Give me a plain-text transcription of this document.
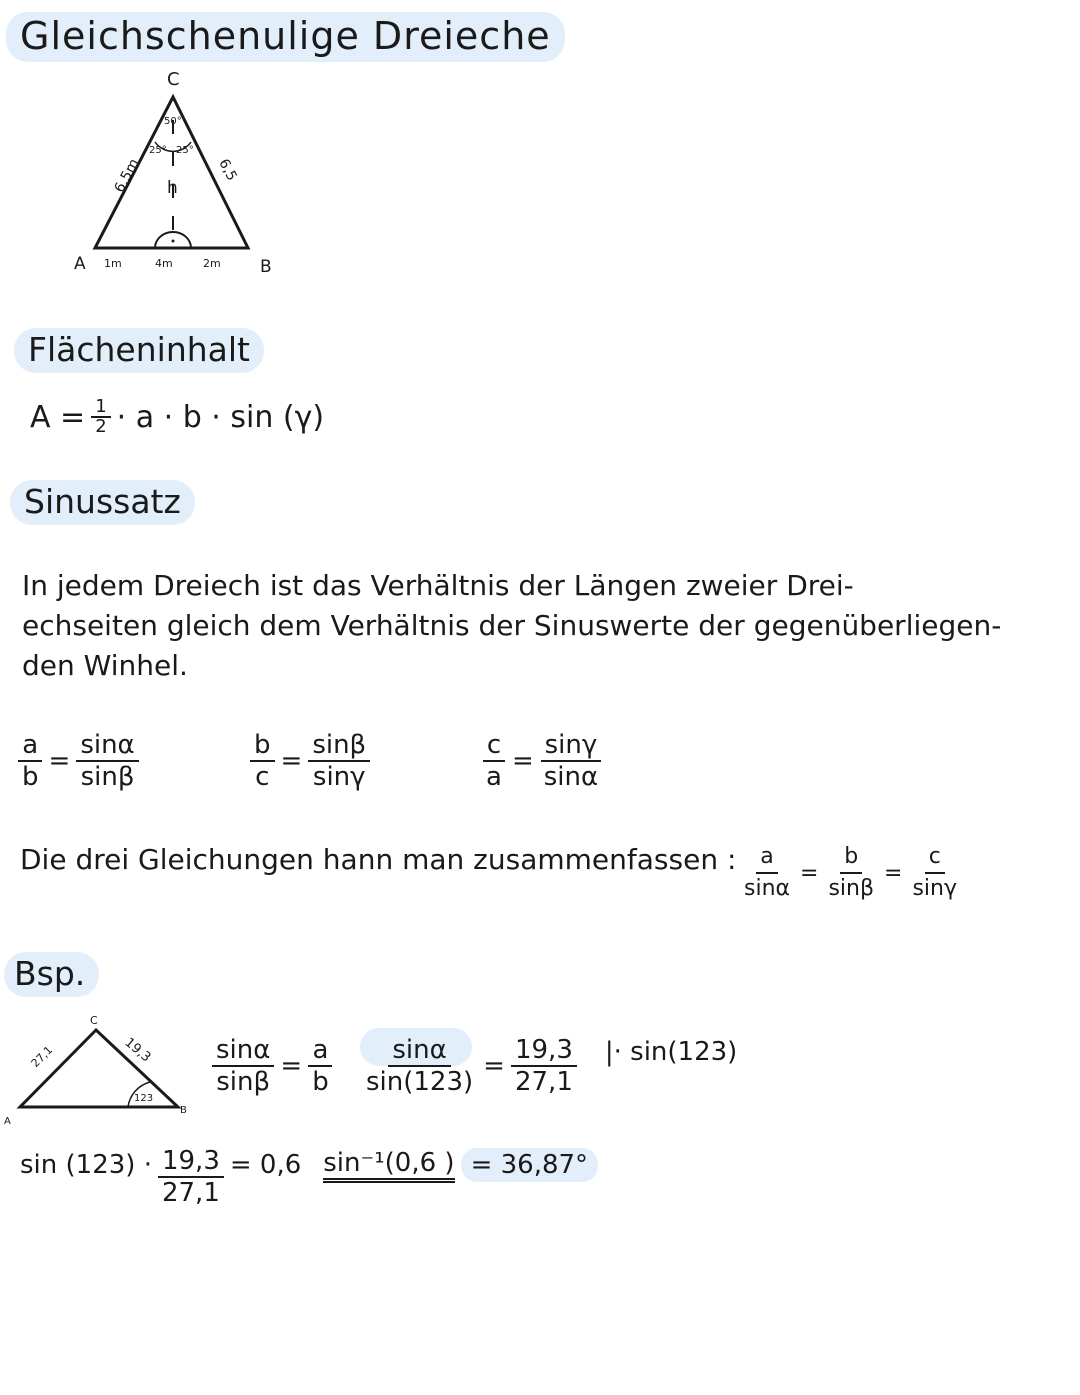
Gleichschenulige Dreieche
C
50°
25° 25°
h
6,5m	6,5
A	B
1m	4m	2m
Flächeninhalt
$A = \frac{1}{2} \cdot a \cdot b \cdot \sin (\gamma)$
Sinussatz
In jedem Dreiech ist das Verhältnis der Längen zweier Drei-
echseiten gleich dem Verhältnis der Sinuswerte der gegenüberliegen-
den Winhel.
$\frac{a}{b} = \frac{\sin\alpha}{\sin\beta}$	$\frac{b}{c} = \frac{\sin\beta}{\sin\gamma}$	$\frac{c}{a} = \frac{\sin\gamma}{\sin\alpha}$
Die drei Gleichungen hann man zusammenfassen : $\frac{a}{\sin\alpha} = \frac{b}{\sin\beta} = \frac{c}{\sin\gamma}$
Bsp.
C
123
27,1	19,3
A
B
$\frac{\sin\alpha}{\sin\beta} = \frac{a}{b} \frac{\sin\alpha}{\sin(123)} = \frac{19,3}{27,1}$ |· sin(123)
$\sin (123) \cdot \frac{19,3}{27,1} = 0,6$ sin⁻¹(0,6 ) = 36,87°
